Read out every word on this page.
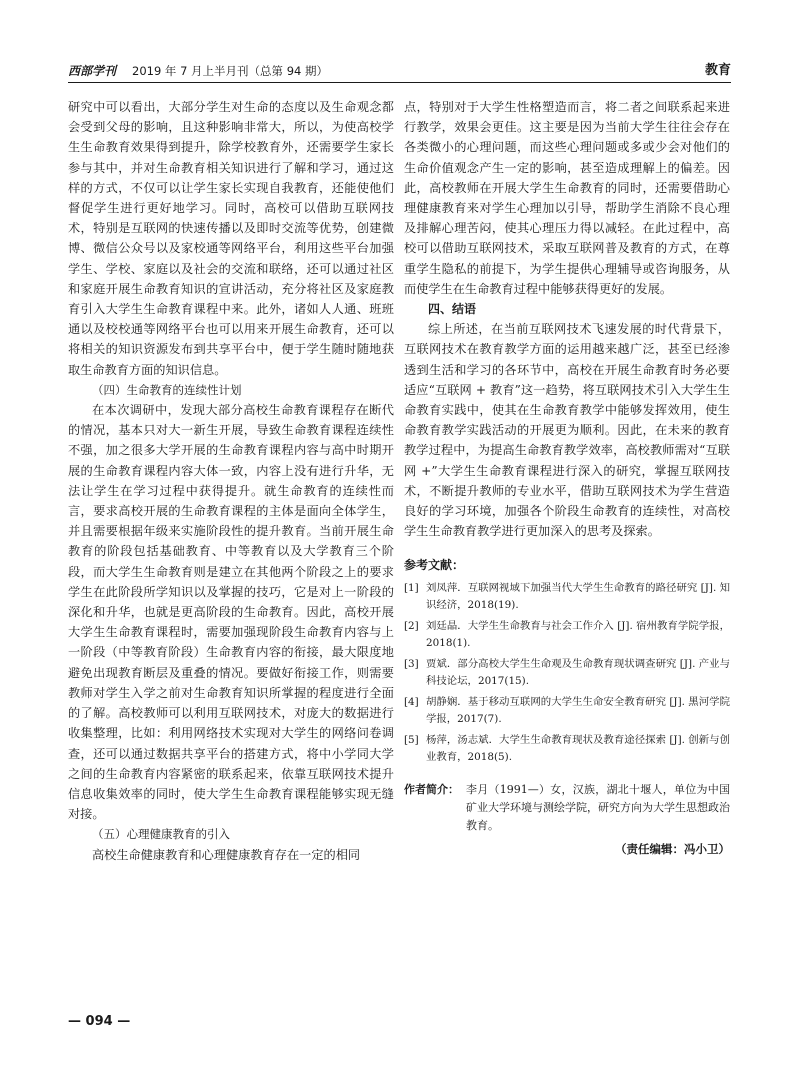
西部学刊 2019 年 7 月上半月刊（总第 94 期）	教育

研究中可以看出，大部分学生对生命的态度以及生命观念都会受到父母的影响，且这种影响非常大，所以，为使高校学生生命教育效果得到提升，除学校教育外，还需要学生家长参与其中，并对生命教育相关知识进行了解和学习，通过这样的方式，不仅可以让学生家长实现自我教育，还能使他们督促学生进行更好地学习。同时，高校可以借助互联网技术，特别是互联网的快速传播以及即时交流等优势，创建微博、微信公众号以及家校通等网络平台，利用这些平台加强学生、学校、家庭以及社会的交流和联络，还可以通过社区和家庭开展生命教育知识的宣讲活动，充分将社区及家庭教育引入大学生生命教育课程中来。此外，诸如人人通、班班通以及校校通等网络平台也可以用来开展生命教育，还可以将相关的知识资源发布到共享平台中，便于学生随时随地获取生命教育方面的知识信息。

（四）生命教育的连续性计划

在本次调研中，发现大部分高校生命教育课程存在断代的情况，基本只对大一新生开展，导致生命教育课程连续性不强，加之很多大学开展的生命教育课程内容与高中时期开展的生命教育课程内容大体一致，内容上没有进行升华，无法让学生在学习过程中获得提升。就生命教育的连续性而言，要求高校开展的生命教育课程的主体是面向全体学生，并且需要根据年级来实施阶段性的提升教育。当前开展生命教育的阶段包括基础教育、中等教育以及大学教育三个阶段，而大学生生命教育则是建立在其他两个阶段之上的要求学生在此阶段所学知识以及掌握的技巧，它是对上一阶段的深化和升华，也就是更高阶段的生命教育。因此，高校开展大学生生命教育课程时，需要加强现阶段生命教育内容与上一阶段（中等教育阶段）生命教育内容的衔接，最大限度地避免出现教育断层及重叠的情况。要做好衔接工作，则需要教师对学生入学之前对生命教育知识所掌握的程度进行全面的了解。高校教师可以利用互联网技术，对庞大的数据进行收集整理，比如：利用网络技术实现对大学生的网络问卷调查，还可以通过数据共享平台的搭建方式，将中小学同大学之间的生命教育内容紧密的联系起来，依靠互联网技术提升信息收集效率的同时，使大学生生命教育课程能够实现无缝对接。

（五）心理健康教育的引入

高校生命健康教育和心理健康教育存在一定的相同

点，特别对于大学生性格塑造而言，将二者之间联系起来进行教学，效果会更佳。这主要是因为当前大学生往往会存在各类微小的心理问题，而这些心理问题或多或少会对他们的生命价值观念产生一定的影响，甚至造成理解上的偏差。因此，高校教师在开展大学生生命教育的同时，还需要借助心理健康教育来对学生心理加以引导，帮助学生消除不良心理及排解心理苦闷，使其心理压力得以减轻。在此过程中，高校可以借助互联网技术，采取互联网普及教育的方式，在尊重学生隐私的前提下，为学生提供心理辅导或咨询服务，从而使学生在生命教育过程中能够获得更好的发展。

四、结语

综上所述，在当前互联网技术飞速发展的时代背景下，互联网技术在教育教学方面的运用越来越广泛，甚至已经渗透到生活和学习的各环节中，高校在开展生命教育时务必要适应“互联网 + 教育”这一趋势，将互联网技术引入大学生生命教育实践中，使其在生命教育教学中能够发挥效用，使生命教育教学实践活动的开展更为顺利。因此，在未来的教育教学过程中，为提高生命教育教学效率，高校教师需对“互联网 +”大学生生命教育课程进行深入的研究，掌握互联网技术，不断提升教师的专业水平，借助互联网技术为学生营造良好的学习环境，加强各个阶段生命教育的连续性，对高校学生生命教育教学进行更加深入的思考及探索。

参考文献：
[1] 刘凤萍．互联网视域下加强当代大学生生命教育的路径研究 [J]. 知识经济，2018(19).
[2] 刘廷晶．大学生生命教育与社会工作介入 [J]. 宿州教育学院学报，2018(1).
[3] 贾斌．部分高校大学生生命观及生命教育现状调查研究 [J]. 产业与科技论坛，2017(15).
[4] 胡静娴．基于移动互联网的大学生生命安全教育研究 [J]. 黑河学院学报，2017(7).
[5] 杨萍，汤志斌．大学生生命教育现状及教育途径探索 [J]. 创新与创业教育，2018(5).
作者简介： 李月（1991—）女，汉族，湖北十堰人，单位为中国矿业大学环境与测绘学院，研究方向为大学生思想政治教育。
（责任编辑：冯小卫）
— 094 —
